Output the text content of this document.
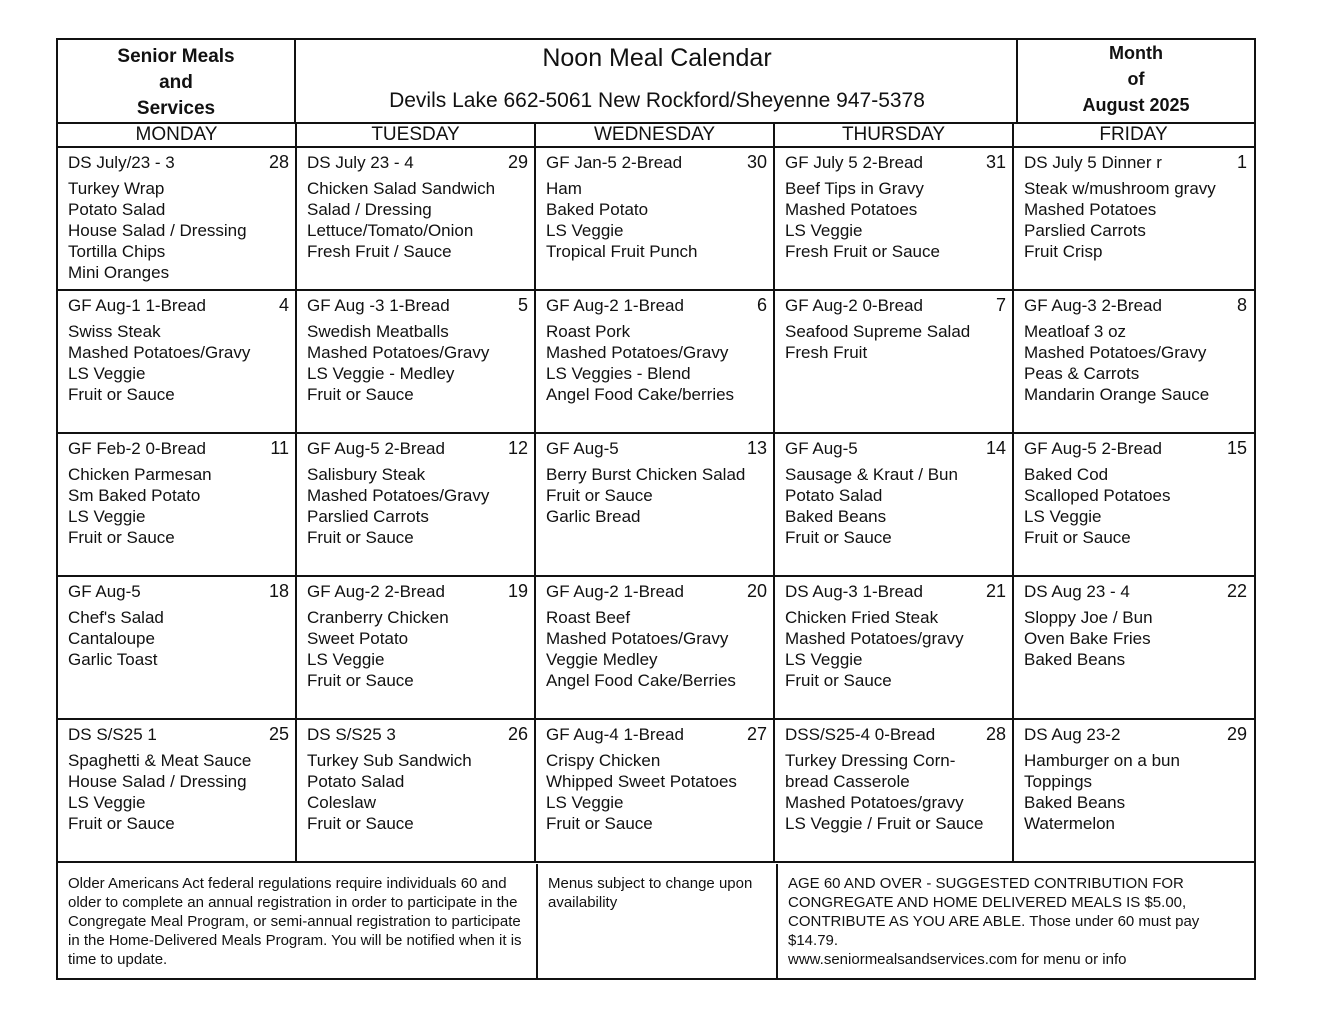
Senior Meals
and
Services
Noon Meal Calendar
Devils Lake 662-5061 New Rockford/Sheyenne 947-5378
Month
of
August 2025
MONDAY	TUESDAY	WEDNESDAY	THURSDAY	FRIDAY
DS July/23 - 3	28
Turkey Wrap
Potato Salad
House Salad / Dressing
Tortilla Chips
Mini Oranges
DS July 23 - 4	29
Chicken Salad Sandwich
Salad / Dressing
Lettuce/Tomato/Onion
Fresh Fruit / Sauce
GF Jan-5 2-Bread	30
Ham
Baked Potato
LS Veggie
Tropical Fruit Punch
GF July 5 2-Bread	31
Beef Tips in Gravy
Mashed Potatoes
LS Veggie
Fresh Fruit or Sauce
DS July 5 Dinner r	1
Steak w/mushroom gravy
Mashed Potatoes
Parslied Carrots
Fruit Crisp
GF Aug-1 1-Bread	4
Swiss Steak
Mashed Potatoes/Gravy
LS Veggie
Fruit or Sauce
GF Aug -3 1-Bread	5
Swedish Meatballs
Mashed Potatoes/Gravy
LS Veggie - Medley
Fruit or Sauce
GF Aug-2 1-Bread	6
Roast Pork
Mashed Potatoes/Gravy
LS Veggies - Blend
Angel Food Cake/berries
GF Aug-2 0-Bread	7
Seafood Supreme Salad
Fresh Fruit
GF Aug-3 2-Bread	8
Meatloaf 3 oz
Mashed Potatoes/Gravy
Peas & Carrots
Mandarin Orange Sauce
GF Feb-2 0-Bread	11
Chicken Parmesan
Sm Baked Potato
LS Veggie
Fruit or Sauce
GF Aug-5 2-Bread	12
Salisbury Steak
Mashed Potatoes/Gravy
Parslied Carrots
Fruit or Sauce
GF Aug-5	13
Berry Burst Chicken Salad
Fruit or Sauce
Garlic Bread
GF Aug-5	14
Sausage & Kraut / Bun
Potato Salad
Baked Beans
Fruit or Sauce
GF Aug-5 2-Bread	15
Baked Cod
Scalloped Potatoes
LS Veggie
Fruit or Sauce
GF Aug-5	18
Chef's Salad
Cantaloupe
Garlic Toast
GF Aug-2 2-Bread	19
Cranberry Chicken
Sweet Potato
LS Veggie
Fruit or Sauce
GF Aug-2 1-Bread	20
Roast Beef
Mashed Potatoes/Gravy
Veggie Medley
Angel Food Cake/Berries
DS Aug-3 1-Bread	21
Chicken Fried Steak
Mashed Potatoes/gravy
LS Veggie
Fruit or Sauce
DS Aug 23 - 4	22
Sloppy Joe / Bun
Oven Bake Fries
Baked Beans
DS S/S25 1	25
Spaghetti & Meat Sauce
House Salad / Dressing
LS Veggie
Fruit or Sauce
DS S/S25 3	26
Turkey Sub Sandwich
Potato Salad
Coleslaw
Fruit or Sauce
GF Aug-4 1-Bread	27
Crispy Chicken
Whipped Sweet Potatoes
LS Veggie
Fruit or Sauce
DSS/S25-4 0-Bread	28
Turkey Dressing Corn-
bread Casserole
Mashed Potatoes/gravy
LS Veggie / Fruit or Sauce
DS Aug 23-2	29
Hamburger on a bun
Toppings
Baked Beans
Watermelon
Older Americans Act federal regulations require individuals 60 and older to complete an annual registration in order to participate in the Congregate Meal Program, or semi-annual registration to participate in the Home-Delivered Meals Program. You will be notified when it is time to update.
Menus subject to change upon availability
AGE 60 AND OVER - SUGGESTED CONTRIBUTION FOR CONGREGATE AND HOME DELIVERED MEALS IS $5.00, CONTRIBUTE AS YOU ARE ABLE. Those under 60 must pay $14.79.
www.seniormealsandservices.com for menu or info
